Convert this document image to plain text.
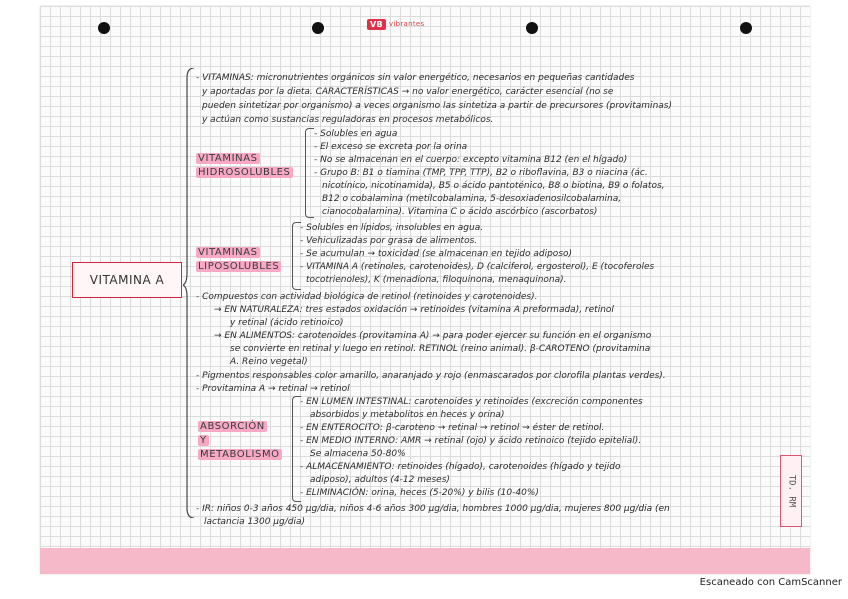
VB vibrantes
TD. RM
VITAMINA A
- VITAMINAS: micronutrientes orgánicos sin valor energético, necesarios en pequeñas cantidades
y aportadas por la dieta. CARACTERÍSTICAS → no valor energético, carácter esencial (no se
pueden sintetizar por organismo) a veces organismo las sintetiza a partir de precursores (provitaminas)
y actúan como sustancias reguladoras en procesos metabólicos.
VITAMINAS
HIDROSOLUBLES
- Solubles en agua
- El exceso se excreta por la orina
- No se almacenan en el cuerpo: excepto vitamina B12 (en el hígado)
- Grupo B: B1 o tiamina (TMP, TPP, TTP), B2 o riboflavina, B3 o niacina (ác.
nicotínico, nicotinamida), B5 o ácido pantoténico, B8 o biotina, B9 o folatos,
B12 o cobalamina (metilcobalamina, 5-desoxiadenosilcobalamina,
cianocobalamina). Vitamina C o ácido ascórbico (ascorbatos)
VITAMINAS
LIPOSOLUBLES
- Solubles en lípidos, insolubles en agua.
- Vehiculizadas por grasa de alimentos.
- Se acumulan → toxicidad (se almacenan en tejido adiposo)
- VITAMINA A (retinoles, carotenoides), D (calciferol, ergosterol), E (tocoferoles
tocotrienoles), K (menadiona, filoquinona, menaquinona).
- Compuestos con actividad biológica de retinol (retinoides y carotenoides).
→ EN NATURALEZA: tres estados oxidación → retinoides (vitamina A preformada), retinol
y retinal (ácido retinoico)
→ EN ALIMENTOS: carotenoides (provitamina A) → para poder ejercer su función en el organismo
se convierte en retinal y luego en retinol. RETINOL (reino animal). β-CAROTENO (provitamina
A. Reino vegetal)
- Pigmentos responsables color amarillo, anaranjado y rojo (enmascarados por clorofila plantas verdes).
- Provitamina A → retinal → retinol
ABSORCIÓN
Y
METABOLISMO
- EN LUMEN INTESTINAL: carotenoides y retinoides (excreción componentes
absorbidos y metabolitos en heces y orina)
- EN ENTEROCITO: β-caroteno → retinal → retinol → éster de retinol.
- EN MEDIO INTERNO: AMR → retinal (ojo) y ácido retinoico (tejido epitelial).
Se almacena 50-80%
- ALMACENAMIENTO: retinoides (hígado), carotenoides (hígado y tejido
adiposo), adultos (4-12 meses)
- ELIMINACIÓN: orina, heces (5-20%) y bilis (10-40%)
- IR: niños 0-3 años 450 µg/dia, niños 4-6 años 300 µg/dia, hombres 1000 µg/dia, mujeres 800 µg/dia (en
lactancia 1300 µg/dia)
Escaneado con CamScanner
